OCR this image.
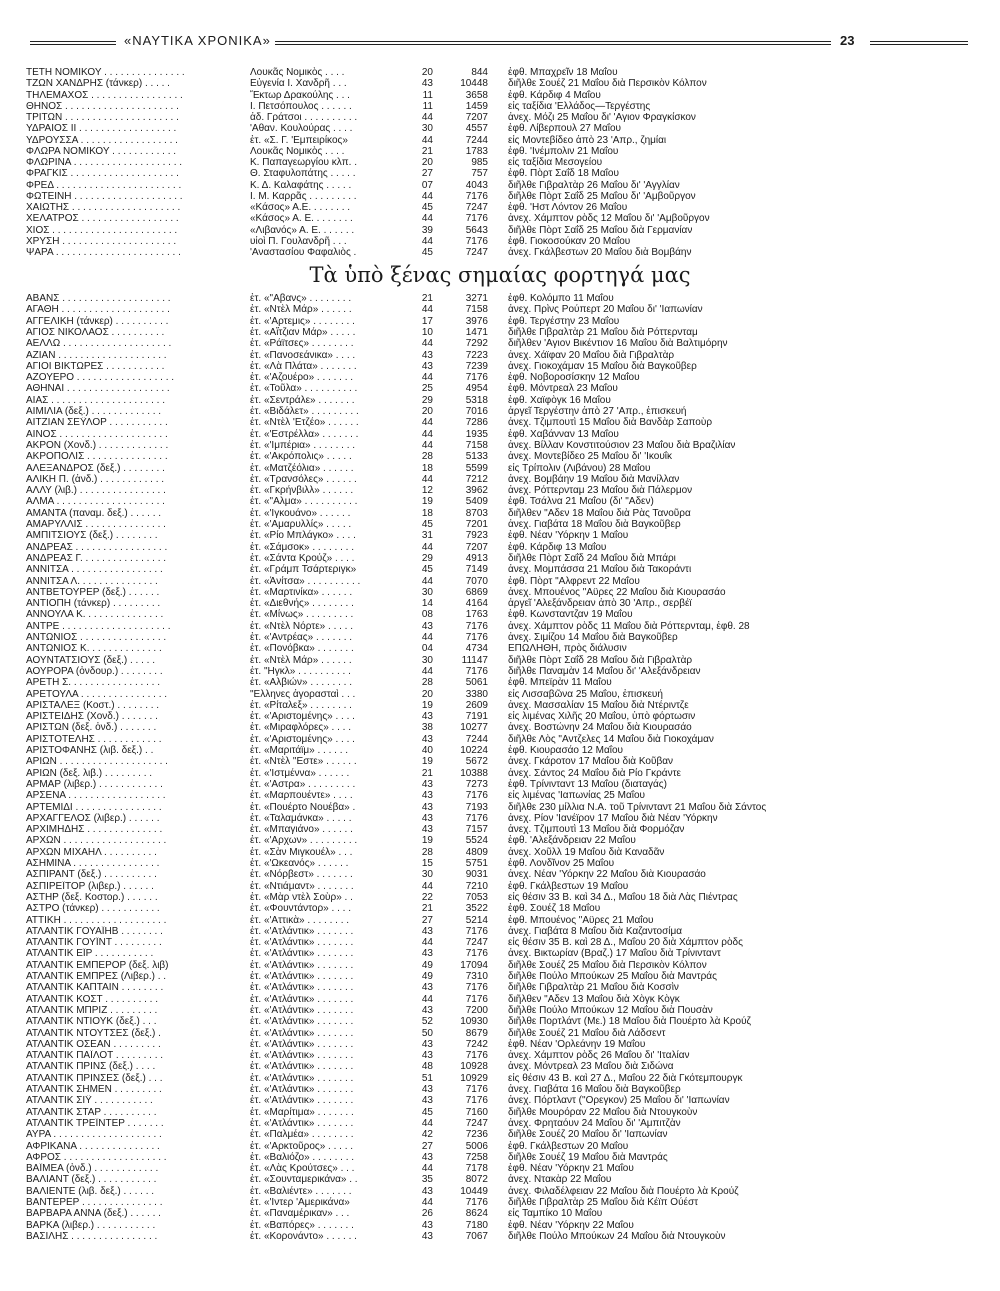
«ΝΑΥΤΙΚΑ ΧΡΟΝΙΚΑ»	23
ΤΕΤΗ ΝΟΜΙΚΟΥ . . . . . . . . . . . . . . .	Λουκᾶς Νομικὸς . . . .	20	844 ἐφθ. Μπαχρεῖν 18 Μαΐου
ΤΖΩΝ ΧΑΝΔΡΗΣ (τάνκερ) . . . . .	Εὐγενία Ι. Χανδρῆ . . .	43	10448 διῆλθε Σουέζ 21 Μαΐου διὰ Περσικὸν Κόλπον
ΤΗΛΕΜΑΧΟΣ . . . . . . . . . . . . . . . . .	Ἕκτωρ Δρακούλης . . .	11	3658 ἐφθ. Κάρδιφ 4 Μαΐου
ΘΗΝΟΣ . . . . . . . . . . . . . . . . . . . . .	Ι. Πετσόπουλος . . . . . .	11	1459 εἰς ταξίδια 'Ελλάδος—Τεργέστης
ΤΡΙΤΩΝ . . . . . . . . . . . . . . . . . . . . .	ἀδ. Γράτσοι . . . . . . . . . .	44	7207 ἀνεχ. Μόζι 25 Μαΐου δι' 'Αγιον Φραγκίσκον
ΥΔΡΑΙΟΣ ΙΙ . . . . . . . . . . . . . . . . . .	'Αθαν. Κουλούρας . . . .	30	4557 ἐφθ. Λίβερπουλ 27 Μαΐου
ΥΔΡΟΥΣΣΑ . . . . . . . . . . . . . . . . . .	ἐτ. «Σ. Γ. 'Εμπειρίκος»	44	7244 εἰς Μοντεβίδεο ἀπὸ 23 'Απρ., ζημίαι
ΦΛΩΡΑ ΝΟΜΙΚΟΥ . . . . . . . . . . . .	Λουκᾶς Νομικὸς . . . .	21	1783 ἐφθ. 'Ινέμπολιν 21 Μαΐου
ΦΛΩΡΙΝΑ . . . . . . . . . . . . . . . . . . . .	Κ. Παπαγεωργίου κλπ. .	20	985 εἰς ταξίδια Μεσογείου
ΦΡΑΓΚΙΣ . . . . . . . . . . . . . . . . . . . .	Θ. Σταφυλοπάτης . . . . .	27	757 ἐφθ. Πὸρτ Σαΐδ 18 Μαΐου
ΦΡΕΔ . . . . . . . . . . . . . . . . . . . . . . .	Κ. Δ. Καλαφάτης . . . . .	07	4043 διῆλθε Γιβραλτὰρ 26 Μαΐου δι' 'Αγγλίαν
ΦΩΤΕΙΝΗ . . . . . . . . . . . . . . . . . . . .	Ι. Μ. Καρρᾶς . . . . . . . . .	44	7176 διῆλθε Πὸρτ Σαΐδ 25 Μαΐου δι' 'Αμβοῦργον
ΧΑΙΩΤΗΣ . . . . . . . . . . . . . . . . . . . .	«Κάσος» Α.Ε. . . . . . . .	45	7247 ἐφθ. 'Ηστ Λόντον 26 Μαΐου
ΧΕΛΑΤΡΟΣ . . . . . . . . . . . . . . . . . .	«Κάσος» Α. Ε. . . . . . . .	44	7176 ἀνεχ. Χάμπτον ρὸδς 12 Μαΐου δι' 'Αμβοῦργον
ΧΙΟΣ . . . . . . . . . . . . . . . . . . . . . . .	«Λιβανός» Α. Ε. . . . . . .	39	5643 διῆλθε Πὸρτ Σαΐδ 25 Μαΐου διὰ Γερμανίαν
ΧΡΥΣΗ . . . . . . . . . . . . . . . . . . . . .	υἱοὶ Π. Γουλανδρῆ . . .	44	7176 ἐφθ. Γιοκοσούκαν 20 Μαΐου
ΨΑΡΑ . . . . . . . . . . . . . . . . . . . . . . .	'Αναστασίου Φαφαλιὸς .	45	7247 ἀνεχ. Γκάλβεστων 20 Μαΐου διὰ Βομβάην
Τὰ ὑπὸ ξένας σημαίας φορτηγά μας
ΑΒΑΝΣ . . . . . . . . . . . . . . . . . . . .	ἐτ. «"Αβανς» . . . . . . . .	21	3271 ἐφθ. Κολόμπο 11 Μαΐου
ΑΓΑΘΗ . . . . . . . . . . . . . . . . . . . .	ἐτ. «Ντὲλ Μάρ» . . . . . .	44	7158 ἀνεχ. Πρὶνς Ρούπερτ 20 Μαΐου δι' 'Ιαπωνίαν
ΑΓΓΕΛΙΚΗ (τάνκερ) . . . . . . . . . .	ἐτ. «'Αρτεμις» . . . . . . . .	17	3976 ἐφθ. Τεργέστην 23 Μαΐου
ΑΓΙΟΣ ΝΙΚΟΛΑΟΣ . . . . . . . . . .	ἐτ. «Αἵτζιαν Μάρ» . . . . .	10	1471 διῆλθε Γιβραλτὰρ 21 Μαΐου διὰ Ρόττερνταμ
ΑΕΛΛΩ . . . . . . . . . . . . . . . . . . . .	ἐτ. «Ράϊτσες» . . . . . . . .	44	7292 διῆλθεν 'Αγιον Βικέντιον 16 Μαΐου διὰ Βαλτιμόρην
ΑΖΙΑΝ . . . . . . . . . . . . . . . . . . . .	ἐτ. «Πανοσεάνικα» . . . .	43	7223 ἀνεχ. Χάϊφαν 20 Μαΐου διὰ Γιβραλτὰρ
ΑΓΙΟΙ ΒΙΚΤΩΡΕΣ . . . . . . . . . . .	ἐτ. «Λὰ Πλάτα» . . . . . . .	43	7239 ἀνεχ. Γιοκοχάμαν 15 Μαΐου διὰ Βαγκοῦβερ
ΑΖΟΥΕΡΟ . . . . . . . . . . . . . . . . . .	ἐτ. «'Αζουέρο» . . . . . . .	44	7176 ἐφθ. Νοβοροσίσκην 12 Μαΐου
ΑΘΗΝΑΙ . . . . . . . . . . . . . . . . . . .	ἐτ. «Τοῦλα» . . . . . . . . . .	25	4954 ἐφθ. Μόντρεαλ 23 Μαΐου
ΑΙΑΣ . . . . . . . . . . . . . . . . . . . . .	ἐτ. «Σεντράλε» . . . . . . .	29	5318 ἐφθ. Χαϊφὸγκ 16 Μαΐου
ΑΙΜΙΛΙΑ (δεξ.) . . . . . . . . . . . . .	ἐτ. «Βιδάλετ» . . . . . . . . .	20	7016 ἀργεῖ Τεργέστην ἀπὸ 27 'Απρ., ἐπισκευή
ΑΙΤΖΙΑΝ ΣΕΫΛΟΡ . . . . . . . . . . .	ἐτ. «Ντὲλ 'Ετζέο» . . . . . .	44	7286 ἀνεχ. Τζιμπουτὶ 15 Μαΐου διὰ Βανδὰρ Σαποὺρ
ΑΙΝΟΣ . . . . . . . . . . . . . . . . . . . .	ἐτ. «'Εστρέλλα» . . . . . . .	44	1935 ἐφθ. Χαβάνναν 13 Μαΐου
ΑΚΡΟΝ (Χονδ.) . . . . . . . . . . . . .	ἐτ. «'Ιμπέρια» . . . . . . . .	44	7158 ἀνεχ. Βίλλαν Κονστιτούσιον 23 Μαΐου διὰ Βραζιλίαν
ΑΚΡΟΠΟΛΙΣ . . . . . . . . . . . . . . .	ἐτ. «'Ακρόπολις» . . . . .	28	5133 ἀνεχ. Μοντεβίδεο 25 Μαΐου δι' 'Ικουΐκ
ΑΛΕΞΑΝΔΡΟΣ (δεξ.) . . . . . . . .	ἐτ. «Ματζέόλια» . . . . . .	18	5599 εἰς Τρίπολιν (Λιβάνου) 28 Μαΐου
ΑΛΙΚΗ Π. (ἀνδ.) . . . . . . . . . . . .	ἐτ. «Τρανσόλες» . . . . . .	44	7212 ἀνεχ. Βομβάην 19 Μαΐου διὰ Μανίλλαν
ΑΛΛΥ (λιβ.) . . . . . . . . . . . . . . . .	ἐτ. «Γκρήνβιλλ» . . . . . .	12	3962 ἀνεχ. Ρόττερνταμ 23 Μαΐου διὰ Πάλερμον
ΑΛΜΑ . . . . . . . . . . . . . . . . . . . .	ἐτ. «"Αλμα» . . . . . . . . . .	19	5409 ἐφθ. Τσάλνα 21 Μαΐου (δι' "Αδεν)
ΑΜΑΝΤΑ (παναμ. δεξ.) . . . . . .	ἐτ. «'Ιγκουάνο» . . . . . .	18	8703 διῆλθεν "Αδεν 18 Μαΐου διὰ Ρὰς Τανοῦρα
ΑΜΑΡΥΛΛΙΣ . . . . . . . . . . . . . . .	ἐτ. «'Αμαρυλλίς» . . . . .	45	7201 ἀνεχ. Γιαβάτα 18 Μαΐου διὰ Βαγκοῦβερ
ΑΜΠΙΤΣΙΟΥΣ (δεξ.) . . . . . . . .	ἐτ. «Ρίο Μπλάγκο» . . . .	31	7923 ἐφθ. Νέαν 'Υόρκην 1 Μαΐου
ΑΝΔΡΕΑΣ . . . . . . . . . . . . . . . . .	ἐτ. «Σάμσοκ» . . . . . . . .	44	7207 ἐφθ. Κάρδιφ 13 Μαΐου
ΑΝΔΡΕΑΣ Γ. . . . . . . . . . . . . . . .	ἐτ. «Σάντα Κρούζ» . . . .	29	4913 διῆλθε Πὸρτ Σαΐδ 24 Μαΐου διὰ Μπάρι
ΑΝΝΙΤΣΑ . . . . . . . . . . . . . . . . .	ἐτ. «Γράμπ Τσάρτεριγκ»	45	7149 ἀνεχ. Μομπάσσα 21 Μαΐου διὰ Τακοράντι
ΑΝΝΙΤΣΑ Λ. . . . . . . . . . . . . . .	ἐτ. «Ἀνίτσα» . . . . . . . . . .	44	7070 ἐφθ. Πὸρτ "Αλφρεντ 22 Μαΐου
ΑΝΤΒΕΤΟΥΡΕΡ (δεξ.) . . . . . .	ἐτ. «Μαρτινίκα» . . . . . .	30	6869 ἀνεχ. Μπουένος "Αϋρες 22 Μαΐου διὰ Κιουρασάο
ΑΝΤΙΟΠΗ (τάνκερ) . . . . . . . . .	ἐτ. «Διεθνής» . . . . . . . .	14	4164 ἀργεῖ 'Αλεξάνδρειαν ἀπὸ 30 'Απρ., σερβέϊ
ΑΝΝΟΥΛΑ Κ. . . . . . . . . . . . . . .	ἐτ. «Μίνως» . . . . . . . . .	08	1763 ἐφθ. Κωνσταντζαν 19 Μαΐου
ΑΝΤΡΕ . . . . . . . . . . . . . . . . . . . .	ἐτ. «Ντὲλ Νόρτε» . . . . .	43	7176 ἀνεχ. Χάμπτον ρὸδς 11 Μαΐου διὰ Ρόττερνταμ, ἐφθ. 28
ΑΝΤΩΝΙΟΣ . . . . . . . . . . . . . . . .	ἐτ. «'Αντρέας» . . . . . . .	44	7176 ἀνεχ. Σιμίζου 14 Μαΐου διὰ Βαγκοῦβερ
ΑΝΤΩΝΙΟΣ Κ. . . . . . . . . . . . . .	ἐτ. «Πονόβκα» . . . . . . .	04	4734 ΕΠΩΛΗΘΗ, πρὸς διάλυσιν
ΑΟΥΝΤΑΤΣΙΟΥΣ (δεξ.) . . . . .	ἐτ. «Ντὲλ Μάρ» . . . . . .	30	11147 διῆλθε Πὸρτ Σαΐδ 28 Μαΐου διὰ Γιβραλτὰρ
ΑΟΥΡΟΡΑ (ὀνδουρ.) . . . . . . . .	ἐτ. "Ηγκλ» . . . . . . . . . .	44	7176 διῆλθε Παναμὰν 14 Μαΐου δι' 'Αλεξάνδρειαν
ΑΡΕΤΗ Σ. . . . . . . . . . . . . . . . .	ἐτ. «Αλβιών» . . . . . . . .	28	5061 ἐφθ. Μπεϊρὰν 11 Μαΐου
ΑΡΕΤΟΥΛΑ . . . . . . . . . . . . . . . .	"Ελληνες ἀγορασταὶ . . .	20	3380 εἰς Λισσαβῶνα 25 Μαΐου, ἐπισκευή
ΑΡΙΣΤΑΛΕΞ (Κοστ.) . . . . . . . .	ἐτ. «Ρίταλεξ» . . . . . . . .	19	2609 ἀνεχ. Μασσαλίαν 15 Μαΐου διὰ Ντέριντζε
ΑΡΙΣΤΕΙΔΗΣ (Χονδ.) . . . . . . .	ἐτ. «'Αριστομένης» . . . .	43	7191 εἰς λιμένας Χιλῆς 20 Μαΐου, ὑπὸ φόρτωσιν
ΑΡΙΣΤΩΝ (δεξ. ὀνδ.) . . . . . . .	ἐτ. «Μιραφλόρες» . . . .	38	10277 ἀνεχ. Βοστώνην 24 Μαΐου διὰ Κιουρασάο
ΑΡΙΣΤΟΤΕΛΗΣ . . . . . . . . . . . .	ἐτ. «'Αριστομένης» . . . .	43	7244 διῆλθε Λὸς "Αντζελες 14 Μαΐου διὰ Γιοκοχάμαν
ΑΡΙΣΤΟΦΑΝΗΣ (λιβ. δεξ.) . .	ἐτ. «Μαριτάϊμ» . . . . . .	40	10224 ἐφθ. Κιουρασάο 12 Μαΐου
ΑΡΙΩΝ . . . . . . . . . . . . . . . . . . . .	ἐτ. «Ντὲλ "Εστε» . . . . . .	19	5672 ἀνεχ. Γκάροτον 17 Μαΐου διὰ Κοῦβαν
ΑΡΙΩΝ (δεξ. λιβ.) . . . . . . . . .	ἐτ. «'Ιστμέννα» . . . . . .	21	10388 ἀνεχ. Σάντος 24 Μαΐου διὰ Ρίο Γκράντε
ΑΡΜΑΡ (λιβερ.) . . . . . . . . . . . .	ἐτ. «'Αστρα» . . . . . . . . .	43	7273 ἐφθ. Τρίνινταντ 13 Μαΐου (διαταγάς)
ΑΡΣΕΝΑ . . . . . . . . . . . . . . . . . .	ἐτ. «Μαρπουέντε» . . . .	43	7176 εἰς λιμένας 'Ιαπωνίας 25 Μαΐου
ΑΡΤΕΜΙΔΙ . . . . . . . . . . . . . . . .	ἐτ. «Πουέρτο Νουέβα» .	43	7193 διῆλθε 230 μίλλια Ν.Α. τοῦ Τρίνινταντ 21 Μαΐου διὰ Σάντος
ΑΡΧΑΓΓΕΛΟΣ (λιβερ.) . . . . . .	ἐτ. «Ταλαμάνκα» . . . . .	43	7176 ἀνεχ. Ρίον 'Ιανέϊρον 17 Μαΐου διὰ Νέαν 'Υόρκην
ΑΡΧΙΜΗΔΗΣ . . . . . . . . . . . . . .	ἐτ. «Μπαγιάνο» . . . . . .	43	7157 ἀνεχ. Τζιμπουτὶ 13 Μαΐου διὰ Φορμόζαν
ΑΡΧΩΝ . . . . . . . . . . . . . . . . . . .	ἐτ. «'Αρχων» . . . . . . . . .	19	5524 ἐφθ. 'Αλεξάνδρειαν 22 Μαΐου
ΑΡΧΩΝ ΜΙΧΑΗΛ . . . . . . . . . .	ἐτ. «Σὰν Μιγκουέλ» . . .	28	4809 ἀνεχ. Χοῦλλ 19 Μαΐου διὰ Καναδᾶν
ΑΣΗΜΙΝΑ . . . . . . . . . . . . . . . .	ἐτ. «'Ωκεανός» . . . . . .	15	5751 ἐφθ. Λονδῖνον 25 Μαΐου
ΑΣΠΙΡΑΝΤ (δεξ.) . . . . . . . . . .	ἐτ. «Νόρβεστ» . . . . . . .	30	9031 ἀνεχ. Νέαν 'Υόρκην 22 Μαΐου διὰ Κιουρασάο
ΑΣΠΙΡΕΪΤΟΡ (λιβερ.) . . . . . .	ἐτ. «Ντιάμαντ» . . . . . . .	44	7210 ἐφθ. Γκάλβεστων 19 Μαΐου
ΑΣΤΗΡ (δεξ. Κοστορ.) . . . . . .	ἐτ. «Μὰρ ντὲλ Σοὺρ» . .	22	7053 εἰς θέσιν 33 Β. καὶ 34 Δ., Μαΐου 18 διὰ Λὰς Πιέντρας
ΑΣΤΡΟ (τάνκερ) . . . . . . . . . . .	ἐτ. «Φουντάντορ» . . . .	21	3522 ἐφθ. Σουέζ 18 Μαΐου
ΑΤΤΙΚΗ . . . . . . . . . . . . . . . . . . .	ἐτ. «'Αττικὰ» . . . . . . . .	27	5214 ἐφθ. Μπουένος "Αϋρες 21 Μαΐου
ΑΤΛΑΝΤΙΚ ΓΟΥΑΪΗΒ . . . . . . . .	ἐτ. «'Ατλάντικ» . . . . . . .	43	7176 ἀνεχ. Γιαβάτα 8 Μαΐου διὰ Καζαντοσίμα
ΑΤΛΑΝΤΙΚ ΓΟΥΪΝΤ . . . . . . . . .	ἐτ. «'Ατλάντικ» . . . . . . .	44	7247 εἰς θέσιν 35 Β. καὶ 28 Δ., Μαΐου 20 διὰ Χάμπτον ρὸδς
ΑΤΛΑΝΤΙΚ ΕΪΡ . . . . . . . . . . .	ἐτ. «'Ατλάντικ» . . . . . . .	43	7176 ἀνεχ. Βικτωρίαν (Βραζ.) 17 Μαΐου διὰ Τρίνινταντ
ΑΤΛΑΝΤΙΚ ΕΜΠΕΡΟΡ (δεξ. λιβ)	ἐτ. «'Ατλάντικ» . . . . . . .	49	17094 διῆλθε Σουέζ 25 Μαΐου διὰ Περσικὸν Κόλπον
ΑΤΛΑΝΤΙΚ ΕΜΠΡΕΣ (Λιβερ.) . .	ἐτ. «'Ατλάντικ» . . . . . . .	49	7310 διῆλθε Πούλο Μπούκων 25 Μαΐου διὰ Μαντράς
ΑΤΛΑΝΤΙΚ ΚΑΠΤΑΙΝ . . . . . . . .	ἐτ. «'Ατλάντικ» . . . . . . .	43	7176 διῆλθε Γιβραλτὰρ 21 Μαΐου διὰ Κοσσὶν
ΑΤΛΑΝΤΙΚ ΚΟΣΤ . . . . . . . . . .	ἐτ. «'Ατλάντικ» . . . . . . .	44	7176 διῆλθεν "Αδεν 13 Μαΐου διὰ Χὸγκ Κὸγκ
ΑΤΛΑΝΤΙΚ ΜΠΡΙΖ . . . . . . . . .	ἐτ. «'Ατλάντικ» . . . . . . .	43	7200 διῆλθε Πούλο Μπούκων 12 Μαΐου διὰ Πουσὰν
ΑΤΛΑΝΤΙΚ ΝΤΙΟΥΚ (δεξ.) . . .	ἐτ. «'Ατλάντικ» . . . . . . .	52	10930 διῆλθε Πορτλάντ (Με.) 18 Μαΐου διὰ Πουέρτο λὰ Κρούζ
ΑΤΛΑΝΤΙΚ ΝΤΟΥΤΣΕΣ (δεξ.) .	ἐτ. «'Ατλάντικ» . . . . . . .	50	8679 διῆλθε Σουέζ 21 Μαΐου διὰ Λάδσεντ
ΑΤΛΑΝΤΙΚ ΟΣΕΑΝ . . . . . . . . .	ἐτ. «'Ατλάντικ» . . . . . . .	43	7242 ἐφθ. Νέαν 'Ορλεάνην 19 Μαΐου
ΑΤΛΑΝΤΙΚ ΠΑΪΛΟΤ . . . . . . . . .	ἐτ. «'Ατλάντικ» . . . . . . .	43	7176 ἀνεχ. Χάμπτον ρὸδς 26 Μαΐου δι' 'Ιταλίαν
ΑΤΛΑΝΤΙΚ ΠΡΙΝΣ (δεξ.) . . . .	ἐτ. «'Ατλάντικ» . . . . . . .	48	10928 ἀνεχ. Μόντρεαλ 23 Μαΐου διὰ Σιδώνα
ΑΤΛΑΝΤΙΚ ΠΡΙΝΣΕΣ (δεξ.) . . .	ἐτ. «'Ατλάντικ» . . . . . . .	51	10929 εἰς θέσιν 43 Β. καὶ 27 Δ., Μαΐου 22 διὰ Γκότεμπουργκ
ΑΤΛΑΝΤΙΚ ΣΗΜΕΝ . . . . . . . . .	ἐτ. «'Ατλάντικ» . . . . . . .	43	7176 ἀνεχ. Γιαβάτα 16 Μαΐου διὰ Βαγκοῦβερ
ΑΤΛΑΝΤΙΚ ΣΙΫ . . . . . . . . . . .	ἐτ. «'Ατλάντικ» . . . . . . .	43	7176 ἀνεχ. Πόρτλαντ ("Ορεγκον) 25 Μαΐου δι' 'Ιαπωνίαν
ΑΤΛΑΝΤΙΚ ΣΤΑΡ . . . . . . . . . .	ἐτ. «Μαρίτιμα» . . . . . . .	45	7160 διῆλθε Μουρόραν 22 Μαΐου διὰ Ντουγκοὺν
ΑΤΛΑΝΤΙΚ ΤΡΕΪΝΤΕΡ . . . . . . .	ἐτ. «'Ατλάντικ» . . . . . . .	44	7247 ἀνεχ. Φρηταόυν 24 Μαΐου δι' 'Αμπιτζὰν
ΑΥΡΑ . . . . . . . . . . . . . . . . . . . .	ἐτ. «Παλμέα» . . . . . . . .	42	7236 διῆλθε Σουέζ 20 Μαΐου δι' 'Ιαπωνίαν
ΑΦΡΙΚΑΝΑ . . . . . . . . . . . . . . .	ἐτ. «'Αρκτοῦρος» . . . . .	27	5006 ἐφθ. Γκάλβεστων 20 Μαΐου
ΑΦΡΟΣ . . . . . . . . . . . . . . . . . . .	ἐτ. «Βαλιόζο» . . . . . . . .	43	7258 διῆλθε Σουέζ 19 Μαΐου διὰ Μαντράς
ΒΑΪΜΕΑ (ὀνδ.) . . . . . . . . . . . .	ἐτ. «Λὰς Κρούτσες» . . .	44	7178 ἐφθ. Νέαν 'Υόρκην 21 Μαΐου
ΒΑΛΙΑΝΤ (δεξ.) . . . . . . . . . . .	ἐτ. «Σουνταμερικάνα» . .	35	8072 ἀνεχ. Ντακὰρ 22 Μαΐου
ΒΑΛΙΕΝΤΕ (λιβ. δεξ.) . . . . . .	ἐτ. «Βαλιέντε» . . . . . . .	43	10449 ἀνεχ. Φιλαδέλφειαν 22 Μαΐου διὰ Πουέρτο λὰ Κρούζ
ΒΑΝΤΕΡΕΡ . . . . . . . . . . . . . . .	ἐτ. «'Ιντερ 'Αμερικάνα»	44	7176 διῆλθε Γιβραλτὰρ 25 Μαΐου διὰ Κέϊπ Ούέστ
ΒΑΡΒΑΡΑ ΑΝΝΑ (δεξ.) . . . . . .	ἐτ. «Παναμέρικαν» . . .	26	8624 εἰς Ταμπίκο 10 Μαΐου
ΒΑΡΚΑ (λιβερ.) . . . . . . . . . . .	ἐτ. «Βαπόρες» . . . . . . .	43	7180 ἐφθ. Νέαν 'Υόρκην 22 Μαΐου
ΒΑΣΙΛΗΣ . . . . . . . . . . . . . . . .	ἐτ. «Κορονάντο» . . . . . .	43	7067 διῆλθε Πούλο Μπούκων 24 Μαΐου διὰ Ντουγκοὺν
